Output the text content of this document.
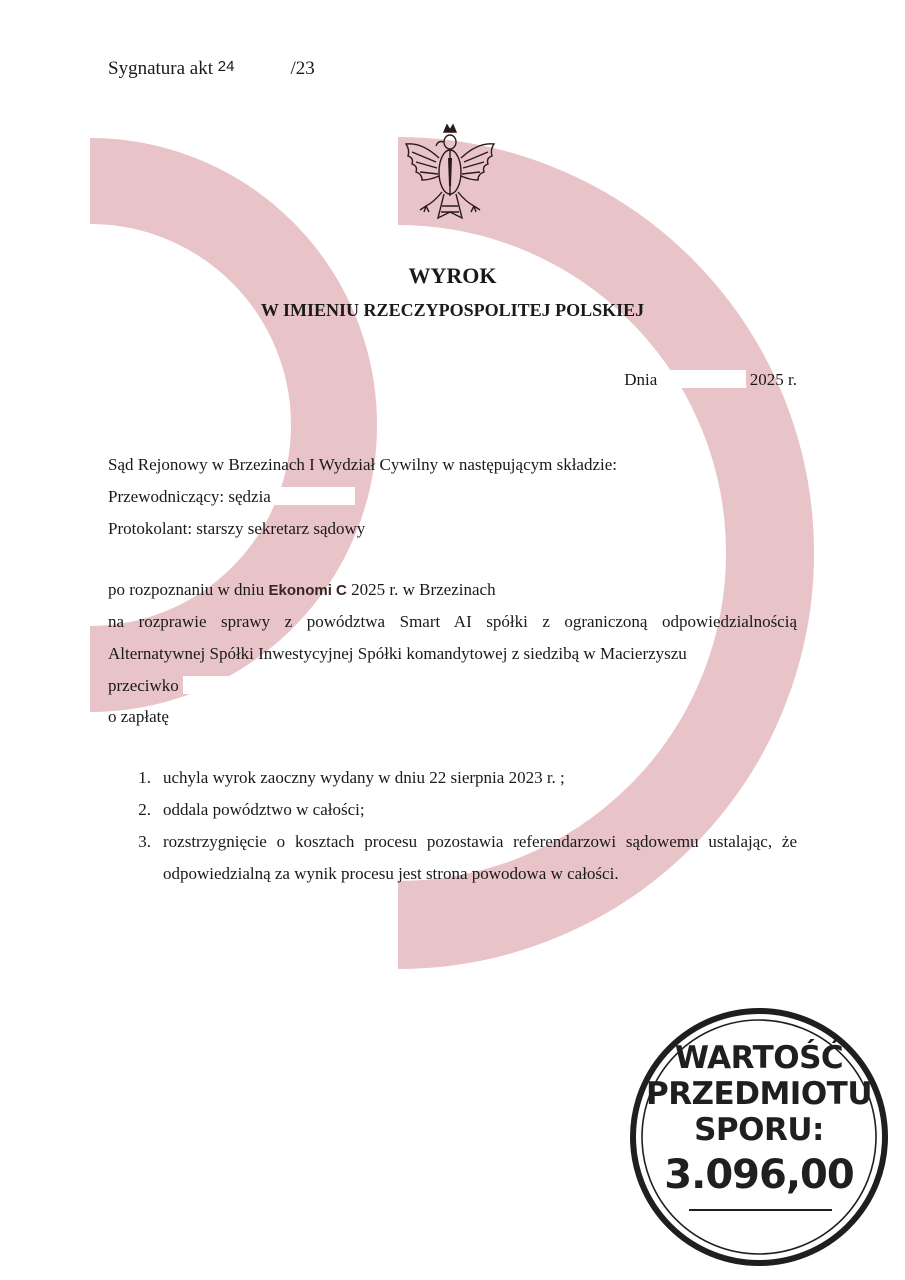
Sygnatura akt 24	/23
WYROK
W IMIENIU RZECZYPOSPOLITEJ POLSKIEJ
Dnia	2025 r.
Sąd Rejonowy w Brzezinach I Wydział Cywilny w następującym składzie:
Przewodniczący: sędzia
Protokolant: starszy sekretarz sądowy
po rozpoznaniu w dniu Ekonomi C 2025 r. w Brzezinach
na rozprawie sprawy z powództwa Smart AI spółki z ograniczoną odpowiedzialnością
Alternatywnej Spółki Inwestycyjnej Spółki komandytowej z siedzibą w Macierzyszu
przeciwko
o zapłatę
1. uchyla wyrok zaoczny wydany w dniu 22 sierpnia 2023 r. ;
2. oddala powództwo w całości;
3. rozstrzygnięcie o kosztach procesu pozostawia referendarzowi sądowemu ustalając, że odpowiedzialną za wynik procesu jest strona powodowa w całości.
WARTOŚĆ
PRZEDMIOTU
SPORU:
3.096,00
